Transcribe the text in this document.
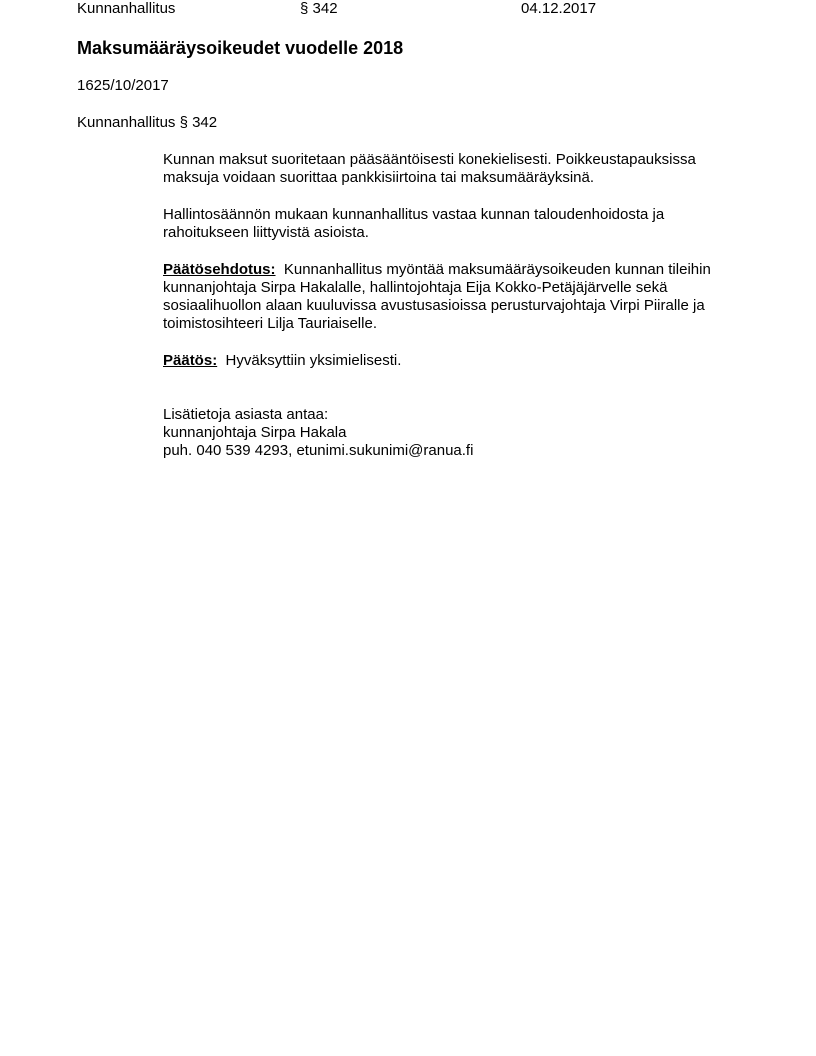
Kunnanhallitus	§ 342	04.12.2017
Maksumääräysoikeudet vuodelle 2018
1625/10/2017
Kunnanhallitus § 342

Kunnan maksut suoritetaan pääsääntöisesti konekielisesti. Poikkeustapauksissa maksuja voidaan suorittaa pankkisiirtoina tai maksumääräyksinä.

Hallintosäännön mukaan kunnanhallitus vastaa kunnan taloudenhoidosta ja rahoitukseen liittyvistä asioista.

Päätösehdotus: Kunnanhallitus myöntää maksumääräysoikeuden kunnan tileihin kunnanjohtaja Sirpa Hakalalle, hallintojohtaja Eija Kokko-Petäjäjärvelle sekä sosiaalihuollon alaan kuuluvissa avustusasioissa perusturvajohtaja Virpi Piiralle ja toimistosihteeri Lilja Tauriaiselle.

Päätös: Hyväksyttiin yksimielisesti.

Lisätietoja asiasta antaa:
kunnanjohtaja Sirpa Hakala
puh. 040 539 4293, etunimi.sukunimi@ranua.fi
